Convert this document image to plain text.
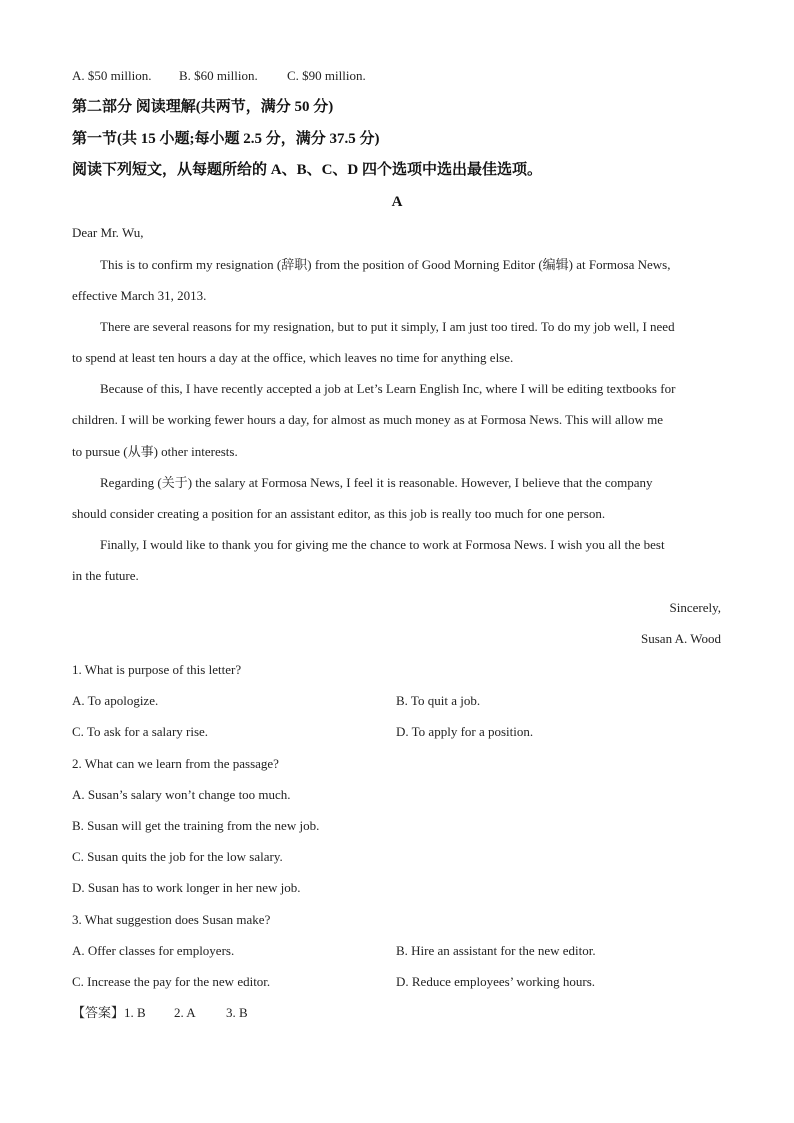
A. $50 million. B. $60 million. C. $90 million.
第二部分 阅读理解(共两节，满分 50 分)
第一节(共 15 小题;每小题 2.5 分，满分 37.5 分)
阅读下列短文，从每题所给的 A、B、C、D 四个选项中选出最佳选项。
A
Dear Mr. Wu,
This is to confirm my resignation (辞职) from the position of Good Morning Editor (编辑) at Formosa News,
effective March 31, 2013.
There are several reasons for my resignation, but to put it simply, I am just too tired. To do my job well, I need
to spend at least ten hours a day at the office, which leaves no time for anything else.
Because of this, I have recently accepted a job at Let’s Learn English Inc, where I will be editing textbooks for
children. I will be working fewer hours a day, for almost as much money as at Formosa News. This will allow me
to pursue (从事) other interests.
Regarding (关于) the salary at Formosa News, I feel it is reasonable. However, I believe that the company
should consider creating a position for an assistant editor, as this job is really too much for one person.
Finally, I would like to thank you for giving me the chance to work at Formosa News. I wish you all the best
in the future.
Sincerely,
Susan A. Wood
1. What is purpose of this letter?
A. To apologize.	B. To quit a job.
C. To ask for a salary rise.	D. To apply for a position.
2. What can we learn from the passage?
A. Susan’s salary won’t change too much.
B. Susan will get the training from the new job.
C. Susan quits the job for the low salary.
D. Susan has to work longer in her new job.
3. What suggestion does Susan make?
A. Offer classes for employers.	B. Hire an assistant for the new editor.
C. Increase the pay for the new editor.	D. Reduce employees’ working hours.
【答案】1. B 2. A 3. B
